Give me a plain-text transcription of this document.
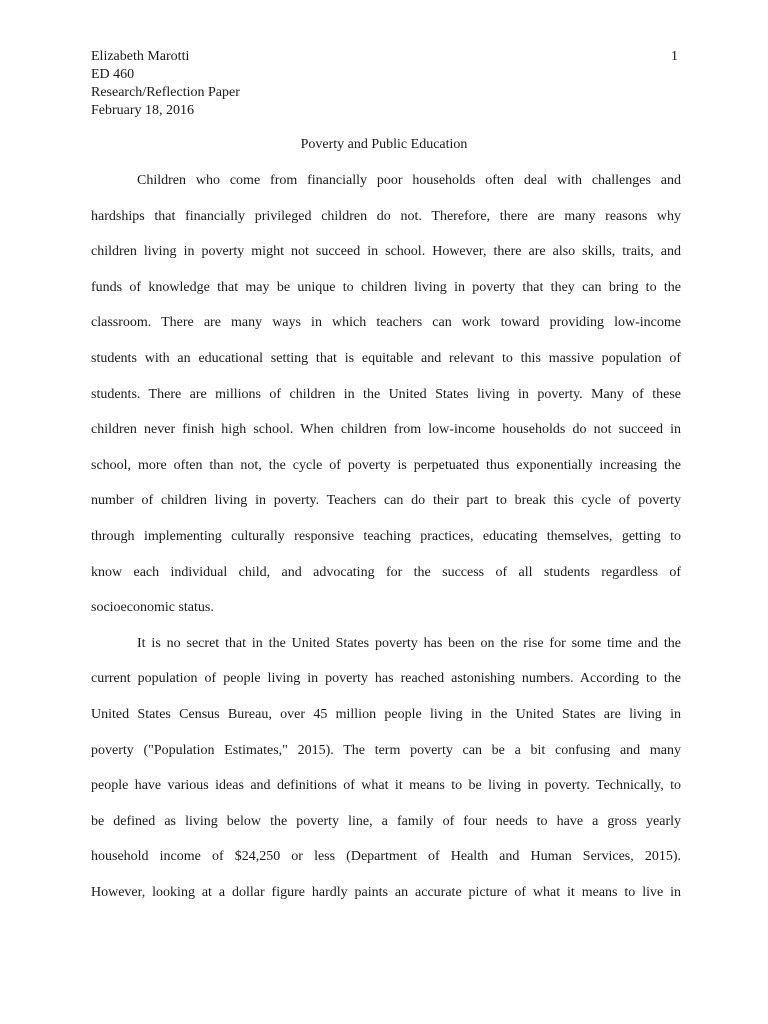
1
Elizabeth Marotti
ED 460
Research/Reflection Paper
February 18, 2016
Poverty and Public Education
Children who come from financially poor households often deal with challenges and
hardships that financially privileged children do not. Therefore, there are many reasons why
children living in poverty might not succeed in school. However, there are also skills, traits, and
funds of knowledge that may be unique to children living in poverty that they can bring to the
classroom. There are many ways in which teachers can work toward providing low-income
students with an educational setting that is equitable and relevant to this massive population of
students. There are millions of children in the United States living in poverty. Many of these
children never finish high school. When children from low-income households do not succeed in
school, more often than not, the cycle of poverty is perpetuated thus exponentially increasing the
number of children living in poverty. Teachers can do their part to break this cycle of poverty
through implementing culturally responsive teaching practices, educating themselves, getting to
know each individual child, and advocating for the success of all students regardless of
socioeconomic status.
It is no secret that in the United States poverty has been on the rise for some time and the
current population of people living in poverty has reached astonishing numbers. According to the
United States Census Bureau, over 45 million people living in the United States are living in
poverty ("Population Estimates," 2015). The term poverty can be a bit confusing and many
people have various ideas and definitions of what it means to be living in poverty. Technically, to
be defined as living below the poverty line, a family of four needs to have a gross yearly
household income of $24,250 or less (Department of Health and Human Services, 2015).
However, looking at a dollar figure hardly paints an accurate picture of what it means to live in
